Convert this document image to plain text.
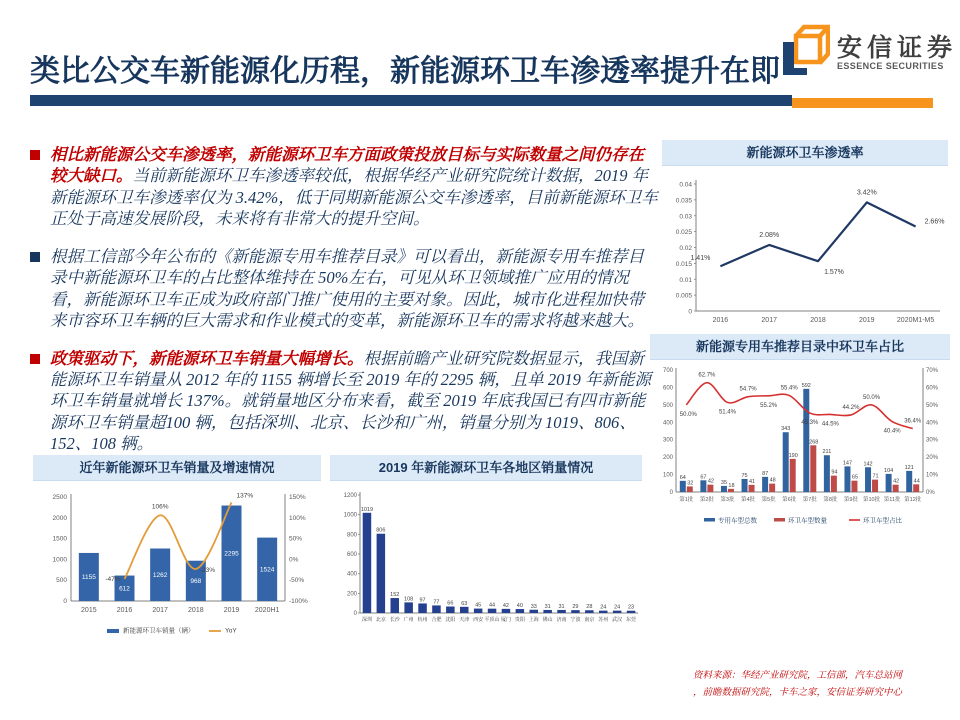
类比公交车新能源化历程，新能源环卫车渗透率提升在即
安信证券
ESSENCE SECURITIES

相比新能源公交车渗透率，新能源环卫车方面政策投放目标与实际数量之间仍存在较大缺口。当前新能源环卫车渗透率较低，根据华经产业研究院统计数据，2019 年新能源环卫车渗透率仅为 3.42%，低于同期新能源公交车渗透率，目前新能源环卫车正处于高速发展阶段，未来将有非常大的提升空间。

根据工信部今年公布的《新能源专用车推荐目录》可以看出，新能源专用车推荐目录中新能源环卫车的占比整体维持在 50%左右，可见从环卫领域推广应用的情况看，新能源环卫车正成为政府部门推广使用的主要对象。因此，城市化进程加快带来市容环卫车辆的巨大需求和作业模式的变革，新能源环卫车的需求将越来越大。

政策驱动下，新能源环卫车销量大幅增长。根据前瞻产业研究院数据显示，我国新能源环卫车销量从 2012 年的 1155 辆增长至 2019 年的 2295 辆，且单 2019 年新能源环卫车销量就增长 137%。就销量地区分布来看，截至 2019 年底我国已有四市新能源环卫车销量超100 辆，包括深圳、北京、长沙和广州，销量分别为 1019、806、152、108 辆。

新能源环卫车渗透率
0
0.005
0.01
0.015
0.02
0.025
0.03
0.035
0.04
2016	2017	2018	2019	2020M1-M5
1.41%
2.08%
1.57%
3.42%
2.66%
新能源专用车推荐目录中环卫车占比
0
100
200
300
400
500
600
700
0%
10%
20%
30%
40%
50%
60%
70%
64
32
第1批
67
42
第2批
35 18
第3批
75
41
第4批
87
48
第5批
343
190
第6批
592
268
第7批
211
94
第8批
147
65
第9批
142
71
第10批
104
42
第11批
121
44
第12批
50.0%
62.7%
51.4%
54.7%
55.2%
55.4%
45.3% 44.5%
44.2%
50.0%
40.4%
36.4%
专用车型总数	环卫车型数量	环卫车型占比
近年新能源环卫车销量及增速情况
0
500
1000
1500
2000
2500
-100%
-50%
0%
50%
100%
150%
1155
2015
612
2016
1262
2017
968
2018
2295
2019
1524
2020H1
-47%
106%
-23%
137%
新能源环卫车销量（辆）	YoY
2019 年新能源环卫车各地区销量情况
0
200
400
600
800
1000
1200
1019
深圳
806
北京
152
长沙
108
广州
97
杭州
77
合肥
66
沈阳
63
天津
45
西安
44
平顶山
42
厦门
40
贵阳
33
上海
31
佛山
31
济南
29
宁波
28
南京
24
苏州
24
武汉
23
东莞
资料来源：华经产业研究院，工信部，汽车总站网
，前瞻数据研究院，卡车之家，安信证券研究中心
